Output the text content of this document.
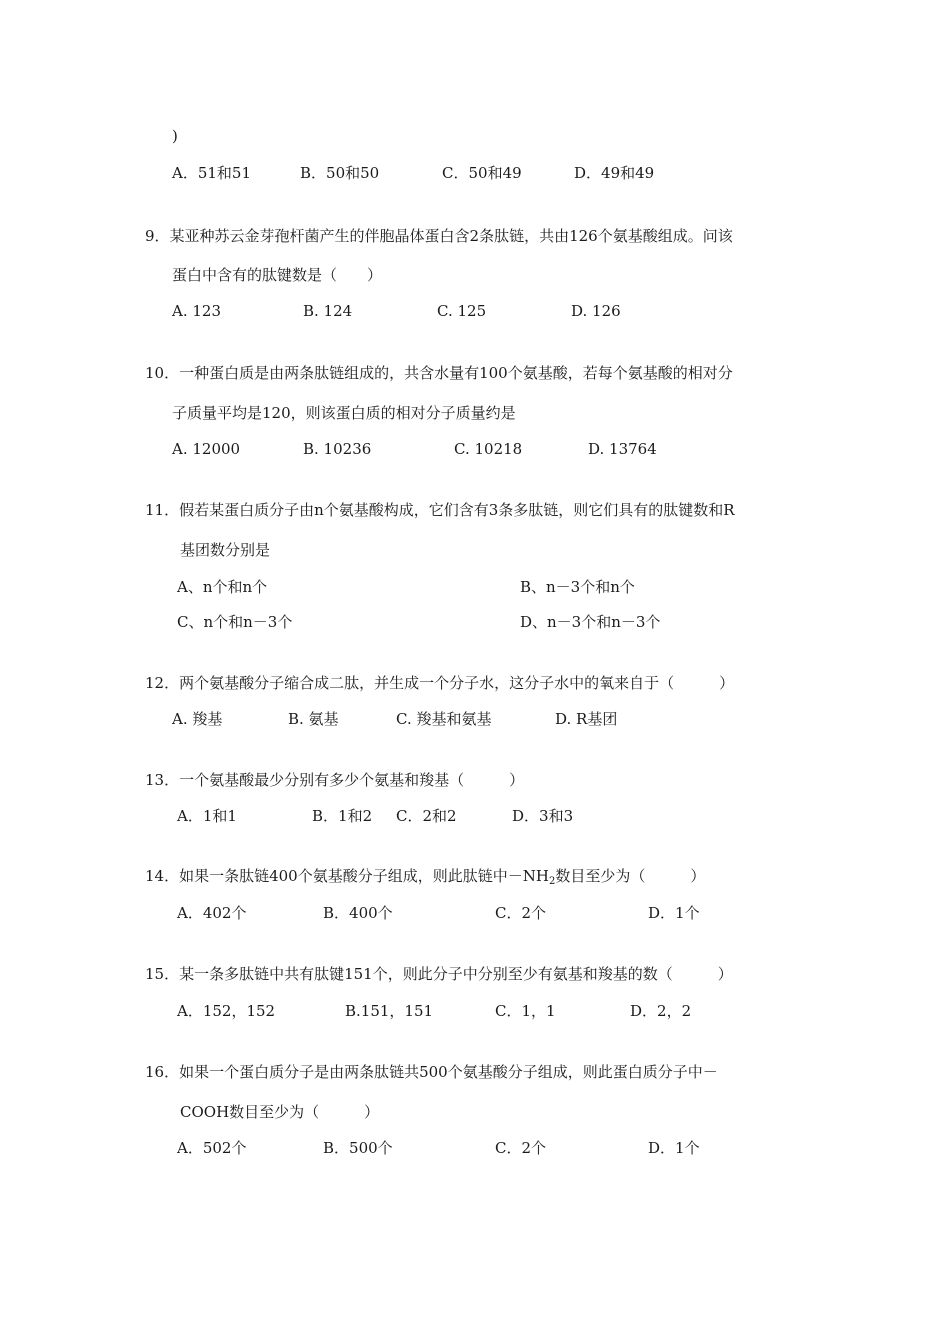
)
A．51和51	B．50和50	C．50和49	D．49和49
9．某亚种苏云金芽孢杆菌产生的伴胞晶体蛋白含2条肽链，共由126个氨基酸组成。问该
蛋白中含有的肽键数是（　　）
A. 123	B. 124	C. 125	D. 126
10．一种蛋白质是由两条肽链组成的，共含水量有100个氨基酸，若每个氨基酸的相对分
子质量平均是120，则该蛋白质的相对分子质量约是
A. 12000	B. 10236	C. 10218	D. 13764
11．假若某蛋白质分子由n个氨基酸构成，它们含有3条多肽链，则它们具有的肽键数和R
基团数分别是
A、n个和n个	B、n－3个和n个
C、n个和n－3个	D、n－3个和n－3个
12．两个氨基酸分子缩合成二肽，并生成一个分子水，这分子水中的氧来自于（　　　）
A. 羧基	B. 氨基	C. 羧基和氨基	D. R基团
13．一个氨基酸最少分别有多少个氨基和羧基（　　　）
A．1和1	B．1和2 C．2和2	D．3和3
14．如果一条肽链400个氨基酸分子组成，则此肽链中$-NH_2$数目至少为（　　　）
A．402个	B．400个	C．2个	D．1个
15．某一条多肽链中共有肽键151个，则此分子中分别至少有氨基和羧基的数（　　　）
A．152，152	B.151，151	C．1，1	D．2，2
16．如果一个蛋白质分子是由两条肽链共500个氨基酸分子组成，则此蛋白质分子中－
COOH数目至少为（　　　）
A．502个	B．500个	C．2个	D．1个
